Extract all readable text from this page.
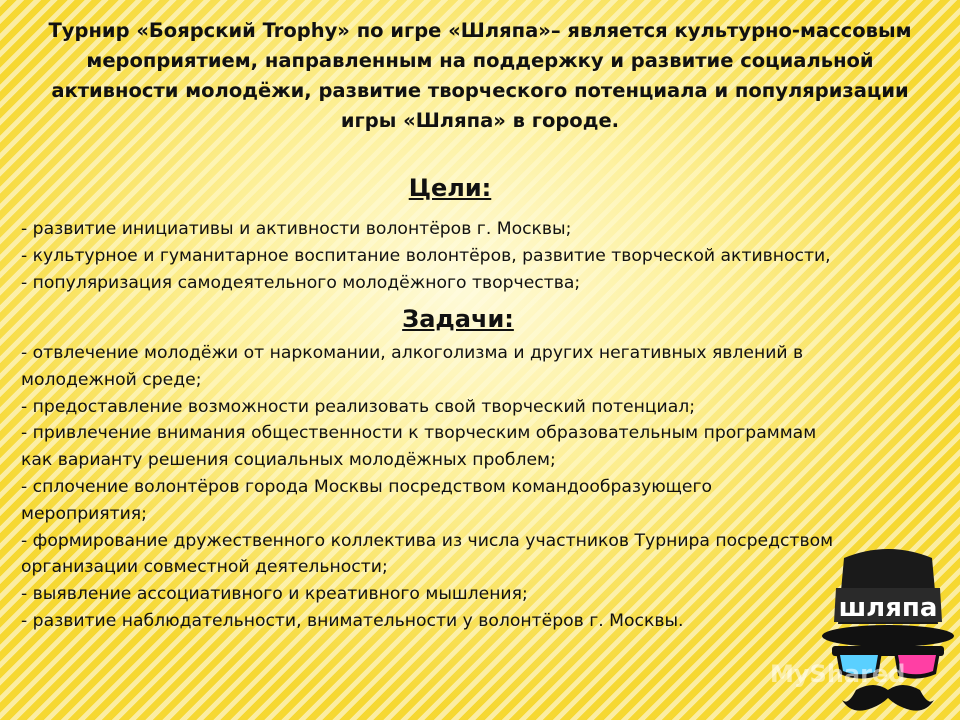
Турнир «Боярский Trophy» по игре «Шляпа»– является культурно-массовым
мероприятием, направленным на поддержку и развитие социальной
активности молодёжи, развитие творческого потенциала и популяризации
игры «Шляпа» в городе.
Цели:
- развитие инициативы и активности волонтёров г. Москвы;
- культурное и гуманитарное воспитание волонтёров, развитие творческой активности,
- популяризация самодеятельного молодёжного творчества;
Задачи:
- отвлечение молодёжи от наркомании, алкоголизма и других негативных явлений в
молодежной среде;
- предоставление возможности реализовать свой творческий потенциал;
- привлечение внимания общественности к творческим образовательным программам
как варианту решения социальных молодёжных проблем;
- сплочение волонтёров города Москвы посредством командообразующего
мероприятия;
- формирование дружественного коллектива из числа участников Турнира посредством
организации совместной деятельности;
- выявление ассоциативного и креативного мышления;
- развитие наблюдательности, внимательности у волонтёров г. Москвы.	шляпа
MyShared
